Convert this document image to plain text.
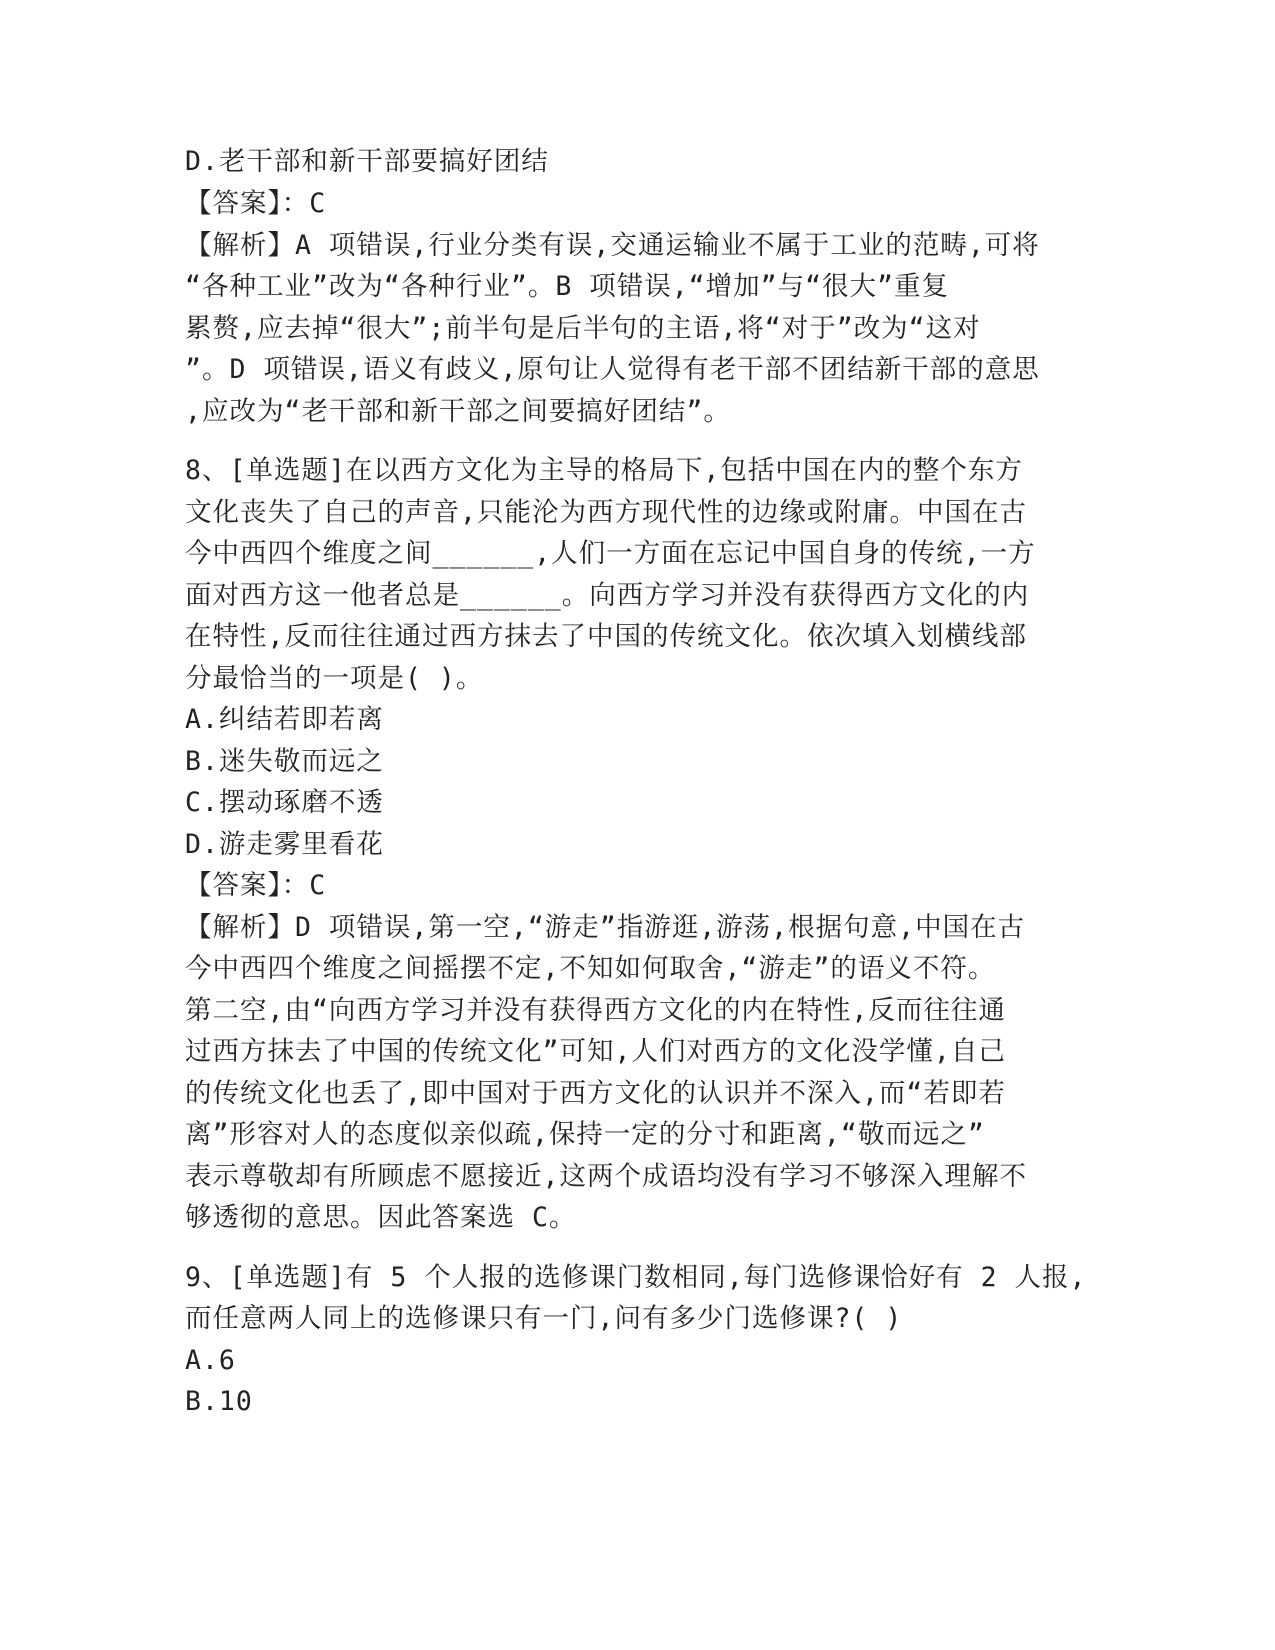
D.老干部和新干部要搞好团结
【答案】：C
【解析】A 项错误,行业分类有误,交通运输业不属于工业的范畴,可将
“各种工业”改为“各种行业”。B 项错误,“增加”与“很大”重复
累赘,应去掉“很大”;前半句是后半句的主语,将“对于”改为“这对
”。D 项错误,语义有歧义,原句让人觉得有老干部不团结新干部的意思
,应改为“老干部和新干部之间要搞好团结”。
8、[单选题]在以西方文化为主导的格局下,包括中国在内的整个东方
文化丧失了自己的声音,只能沦为西方现代性的边缘或附庸。中国在古
今中西四个维度之间______,人们一方面在忘记中国自身的传统,一方
面对西方这一他者总是______。向西方学习并没有获得西方文化的内
在特性,反而往往通过西方抹去了中国的传统文化。依次填入划横线部
分最恰当的一项是( )。
A.纠结若即若离
B.迷失敬而远之
C.摆动琢磨不透
D.游走雾里看花
【答案】：C
【解析】D 项错误,第一空,“游走”指游逛,游荡,根据句意,中国在古
今中西四个维度之间摇摆不定,不知如何取舍,“游走”的语义不符。
第二空,由“向西方学习并没有获得西方文化的内在特性,反而往往通
过西方抹去了中国的传统文化”可知,人们对西方的文化没学懂,自己
的传统文化也丢了,即中国对于西方文化的认识并不深入,而“若即若
离”形容对人的态度似亲似疏,保持一定的分寸和距离,“敬而远之”
表示尊敬却有所顾虑不愿接近,这两个成语均没有学习不够深入理解不
够透彻的意思。因此答案选 C。
9、[单选题]有 5 个人报的选修课门数相同,每门选修课恰好有 2 人报,
而任意两人同上的选修课只有一门,问有多少门选修课?( )
A.6
B.10
